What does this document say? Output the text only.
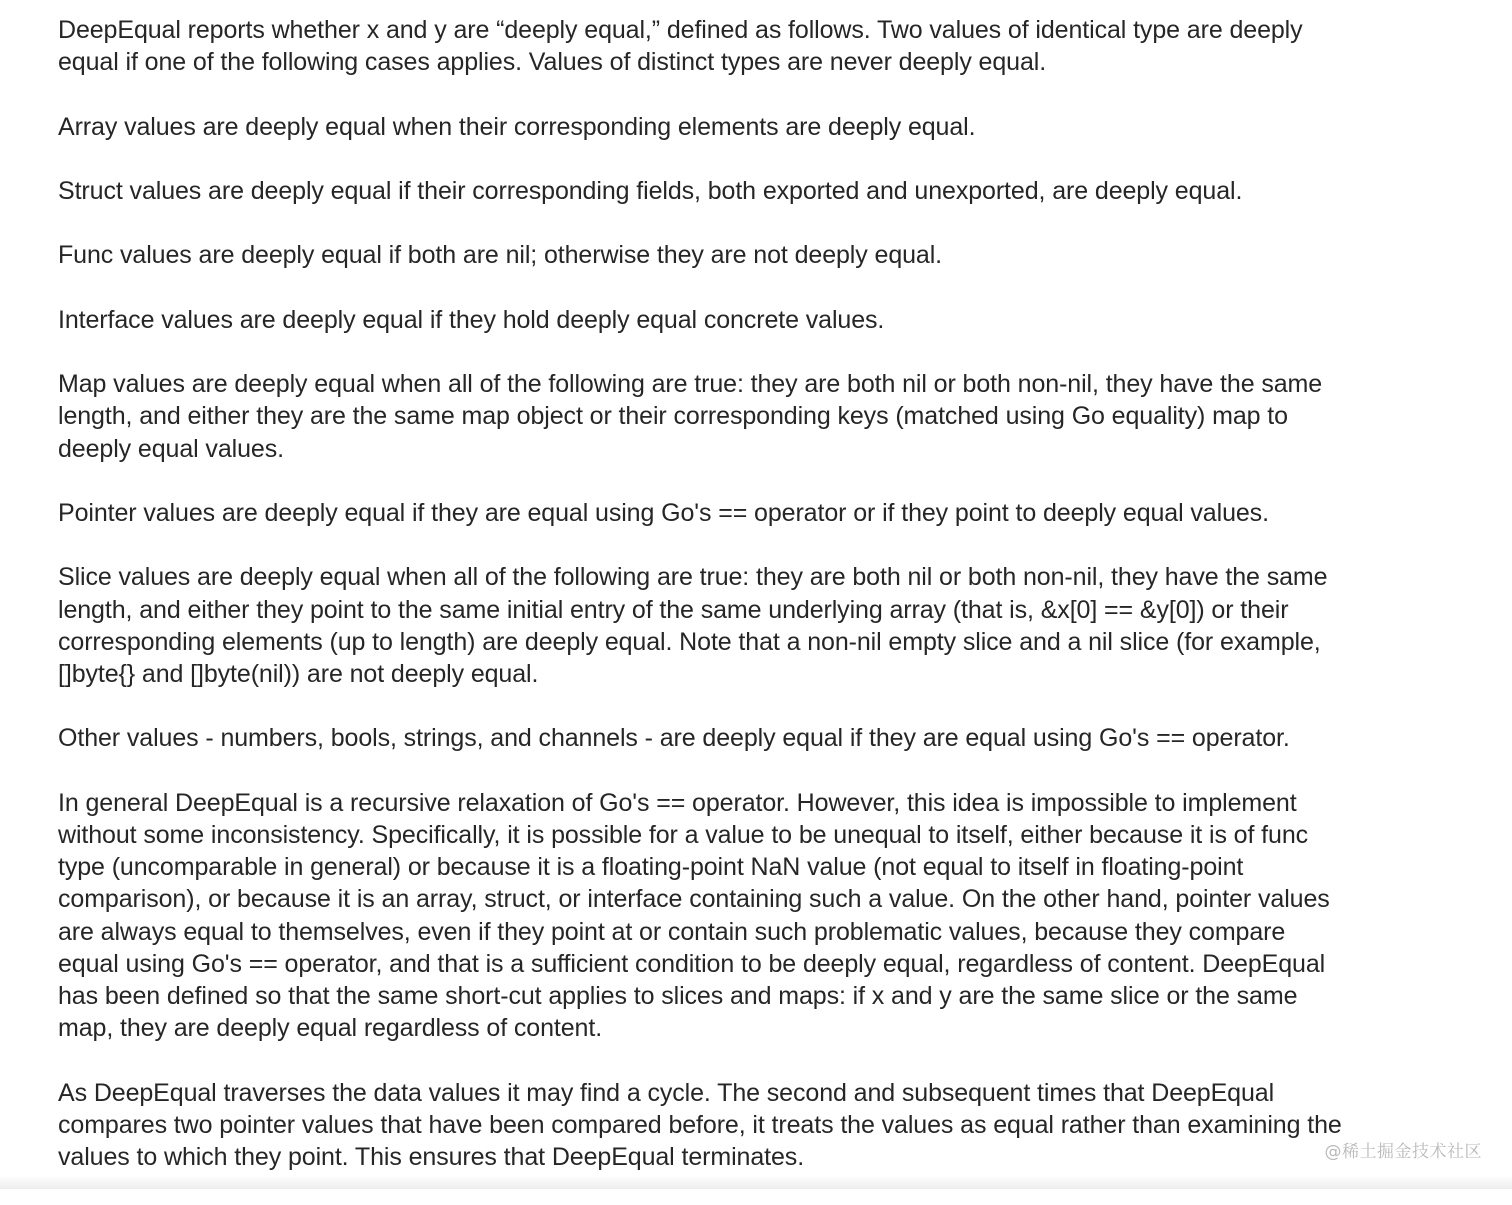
DeepEqual reports whether x and y are “deeply equal,” defined as follows. Two values of identical type are deeply equal if one of the following cases applies. Values of distinct types are never deeply equal.

Array values are deeply equal when their corresponding elements are deeply equal.

Struct values are deeply equal if their corresponding fields, both exported and unexported, are deeply equal.

Func values are deeply equal if both are nil; otherwise they are not deeply equal.

Interface values are deeply equal if they hold deeply equal concrete values.

Map values are deeply equal when all of the following are true: they are both nil or both non-nil, they have the same length, and either they are the same map object or their corresponding keys (matched using Go equality) map to deeply equal values.

Pointer values are deeply equal if they are equal using Go's == operator or if they point to deeply equal values.

Slice values are deeply equal when all of the following are true: they are both nil or both non-nil, they have the same length, and either they point to the same initial entry of the same underlying array (that is, &x[0] == &y[0]) or their corresponding elements (up to length) are deeply equal. Note that a non-nil empty slice and a nil slice (for example, []byte{} and []byte(nil)) are not deeply equal.

Other values - numbers, bools, strings, and channels - are deeply equal if they are equal using Go's == operator.

In general DeepEqual is a recursive relaxation of Go's == operator. However, this idea is impossible to implement without some inconsistency. Specifically, it is possible for a value to be unequal to itself, either because it is of func type (uncomparable in general) or because it is a floating-point NaN value (not equal to itself in floating-point comparison), or because it is an array, struct, or interface containing such a value. On the other hand, pointer values are always equal to themselves, even if they point at or contain such problematic values, because they compare equal using Go's == operator, and that is a sufficient condition to be deeply equal, regardless of content. DeepEqual has been defined so that the same short-cut applies to slices and maps: if x and y are the same slice or the same map, they are deeply equal regardless of content.

As DeepEqual traverses the data values it may find a cycle. The second and subsequent times that DeepEqual compares two pointer values that have been compared before, it treats the values as equal rather than examining the values to which they point. This ensures that DeepEqual terminates.	@稀土掘金技术社区
